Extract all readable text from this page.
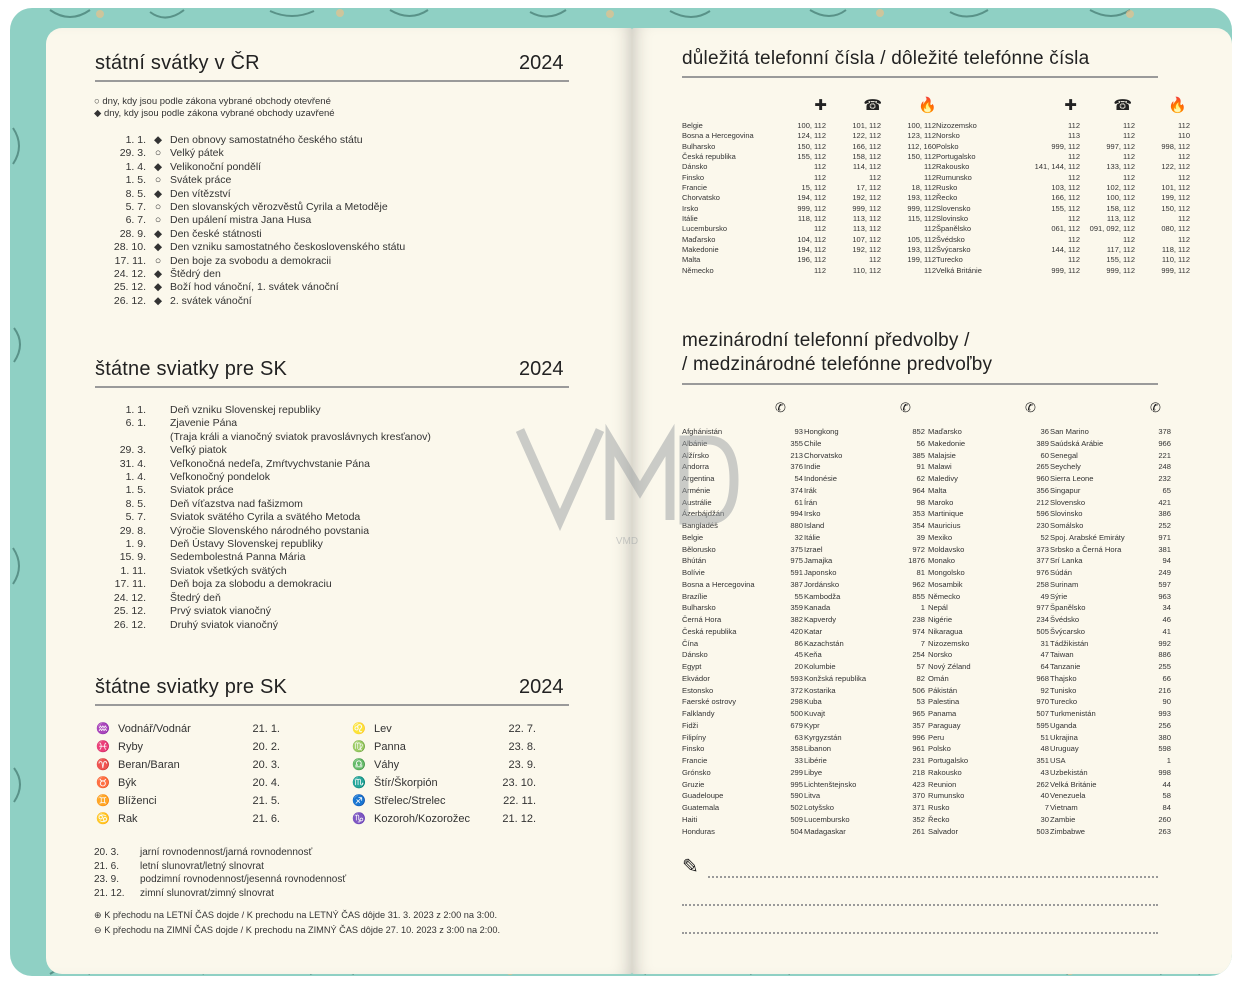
státní svátky v ČR	2024
○ dny, kdy jsou podle zákona vybrané obchody otevřené
◆ dny, kdy jsou podle zákona vybrané obchody uzavřené
1. 1. ◆ Den obnovy samostatného českého státu
29. 3. ○ Velký pátek
1. 4. ◆ Velikonoční pondělí
1. 5. ○ Svátek práce
8. 5. ◆ Den vítězství
5. 7. ○ Den slovanských věrozvěstů Cyrila a Metoděje
6. 7. ○ Den upálení mistra Jana Husa
28. 9. ◆ Den české státnosti
28. 10. ◆ Den vzniku samostatného československého státu
17. 11. ○ Den boje za svobodu a demokracii
24. 12. ◆ Štědrý den
25. 12. ◆ Boží hod vánoční, 1. svátek vánoční
26. 12. ◆ 2. svátek vánoční
štátne sviatky pre SK	2024
1. 1.	Deň vzniku Slovenskej republiky
6. 1.	Zjavenie Pána
(Traja králi a vianočný sviatok pravoslávnych kresťanov)
29. 3.	Veľký piatok
31. 4.	Veľkonočná nedeľa, Zmŕtvychvstanie Pána
1. 4.	Veľkonočný pondelok
1. 5.	Sviatok práce
8. 5.	Deň víťazstva nad fašizmom
5. 7.	Sviatok svätého Cyrila a svätého Metoda
29. 8.	Výročie Slovenského národného povstania
1. 9.	Deň Ústavy Slovenskej republiky
15. 9.	Sedembolestná Panna Mária
1. 11.	Sviatok všetkých svätých
17. 11.	Deň boja za slobodu a demokraciu
24. 12.	Štedrý deň
25. 12.	Prvý sviatok vianočný
26. 12.	Druhý sviatok vianočný
štátne sviatky pre SK	2024
♒ Vodnář/Vodnár	21. 1.
♓ Ryby	20. 2.
♈ Beran/Baran	20. 3.
♉ Býk	20. 4.
♊ Blíženci	21. 5.
♋ Rak	21. 6.
♌ Lev	22. 7.
♍ Panna	23. 8.
♎ Váhy	23. 9.
♏ Štír/Škorpión	23. 10.
♐ Střelec/Strelec	22. 11.
♑ Kozoroh/Kozorožec	21. 12.
20. 3.	jarní rovnodennost/jarná rovnodennosť
21. 6.	letní slunovrat/letný slnovrat
23. 9.	podzimní rovnodennost/jesenná rovnodennosť
21. 12.	zimní slunovrat/zimný slnovrat
⊕ K přechodu na LETNÍ ČAS dojde / K prechodu na LETNÝ ČAS dôjde 31. 3. 2023 z 2:00 na 3:00.
⊖ K přechodu na ZIMNÍ ČAS dojde / K prechodu na ZIMNÝ ČAS dôjde 27. 10. 2023 z 3:00 na 2:00.
důležitá telefonní čísla / dôležité telefónne čísla
✚	☎	🔥	✚	☎	🔥
Belgie	100, 112	101, 112	100, 112
Bosna a Hercegovina	124, 112	122, 112	123, 112
Bulharsko	150, 112	166, 112	112, 160
Česká republika	155, 112	158, 112	150, 112
Dánsko	112	114, 112	112
Finsko	112	112	112
Francie	15, 112	17, 112	18, 112
Chorvatsko	194, 112	192, 112	193, 112
Irsko	999, 112	999, 112	999, 112
Itálie	118, 112	113, 112	115, 112
Lucembursko	112	113, 112	112
Maďarsko	104, 112	107, 112	105, 112
Makedonie	194, 112	192, 112	193, 112
Malta	196, 112	112	199, 112
Německo	112	110, 112	112
Nizozemsko	112	112	112
Norsko	113	112	110
Polsko	999, 112	997, 112	998, 112
Portugalsko	112	112	112
Rakousko	141, 144, 112	133, 112	122, 112
Rumunsko	112	112	112
Rusko	103, 112	102, 112	101, 112
Řecko	166, 112	100, 112	199, 112
Slovensko	155, 112	158, 112	150, 112
Slovinsko	112	113, 112	112
Španělsko	061, 112	091, 092, 112	080, 112
Švédsko	112	112	112
Švýcarsko	144, 112	117, 112	118, 112
Turecko	112	155, 112	110, 112
Velká Británie	999, 112	999, 112	999, 112
mezinárodní telefonní předvolby /
/ medzinárodné telefónne predvoľby
✆	✆	✆	✆
Afghánistán	93
Albánie	355
Alžírsko	213
Andorra	376
Argentina	54
Arménie	374
Austrálie	61
Ázerbájdžán	994
Bangladéš	880
Belgie	32
Bělorusko	375
Bhútán	975
Bolívie	591
Bosna a Hercegovina	387
Brazílie	55
Bulharsko	359
Černá Hora	382
Česká republika	420
Čína	86
Dánsko	45
Egypt	20
Ekvádor	593
Estonsko	372
Faerské ostrovy	298
Falklandy	500
Fidži	679
Filipíny	63
Finsko	358
Francie	33
Grónsko	299
Gruzie	995
Guadeloupe	590
Guatemala	502
Haiti	509
Honduras	504
Hongkong	852
Chile	56
Chorvatsko	385
Indie	91
Indonésie	62
Irák	964
Írán	98
Irsko	353
Island	354
Itálie	39
Izrael	972
Jamajka	1876
Japonsko	81
Jordánsko	962
Kambodža	855
Kanada	1
Kapverdy	238
Katar	974
Kazachstán	7
Keňa	254
Kolumbie	57
Konžská republika	82
Kostarika	506
Kuba	53
Kuvajt	965
Kypr	357
Kyrgyzstán	996
Libanon	961
Libérie	231
Libye	218
Lichtenštejnsko	423
Litva	370
Lotyšsko	371
Lucembursko	352
Madagaskar	261
Maďarsko	36
Makedonie	389
Malajsie	60
Malawi	265
Maledivy	960
Malta	356
Maroko	212
Martinique	596
Mauricius	230
Mexiko	52
Moldavsko	373
Monako	377
Mongolsko	976
Mosambik	258
Německo	49
Nepál	977
Nigérie	234
Nikaragua	505
Nizozemsko	31
Norsko	47
Nový Zéland	64
Omán	968
Pákistán	92
Palestina	970
Panama	507
Paraguay	595
Peru	51
Polsko	48
Portugalsko	351
Rakousko	43
Reunion	262
Rumunsko	40
Rusko	7
Řecko	30
Salvador	503
San Marino	378
Saúdská Arábie	966
Senegal	221
Seychely	248
Sierra Leone	232
Singapur	65
Slovensko	421
Slovinsko	386
Somálsko	252
Spoj. Arabské Emiráty	971
Srbsko a Černá Hora	381
Srí Lanka	94
Súdán	249
Surinam	597
Sýrie	963
Španělsko	34
Švédsko	46
Švýcarsko	41
Tádžikistán	992
Taiwan	886
Tanzanie	255
Thajsko	66
Tunisko	216
Turecko	90
Turkmenistán	993
Uganda	256
Ukrajina	380
Uruguay	598
USA	1
Uzbekistán	998
Velká Británie	44
Venezuela	58
Vietnam	84
Zambie	260
Zimbabwe	263
✎
VMD
